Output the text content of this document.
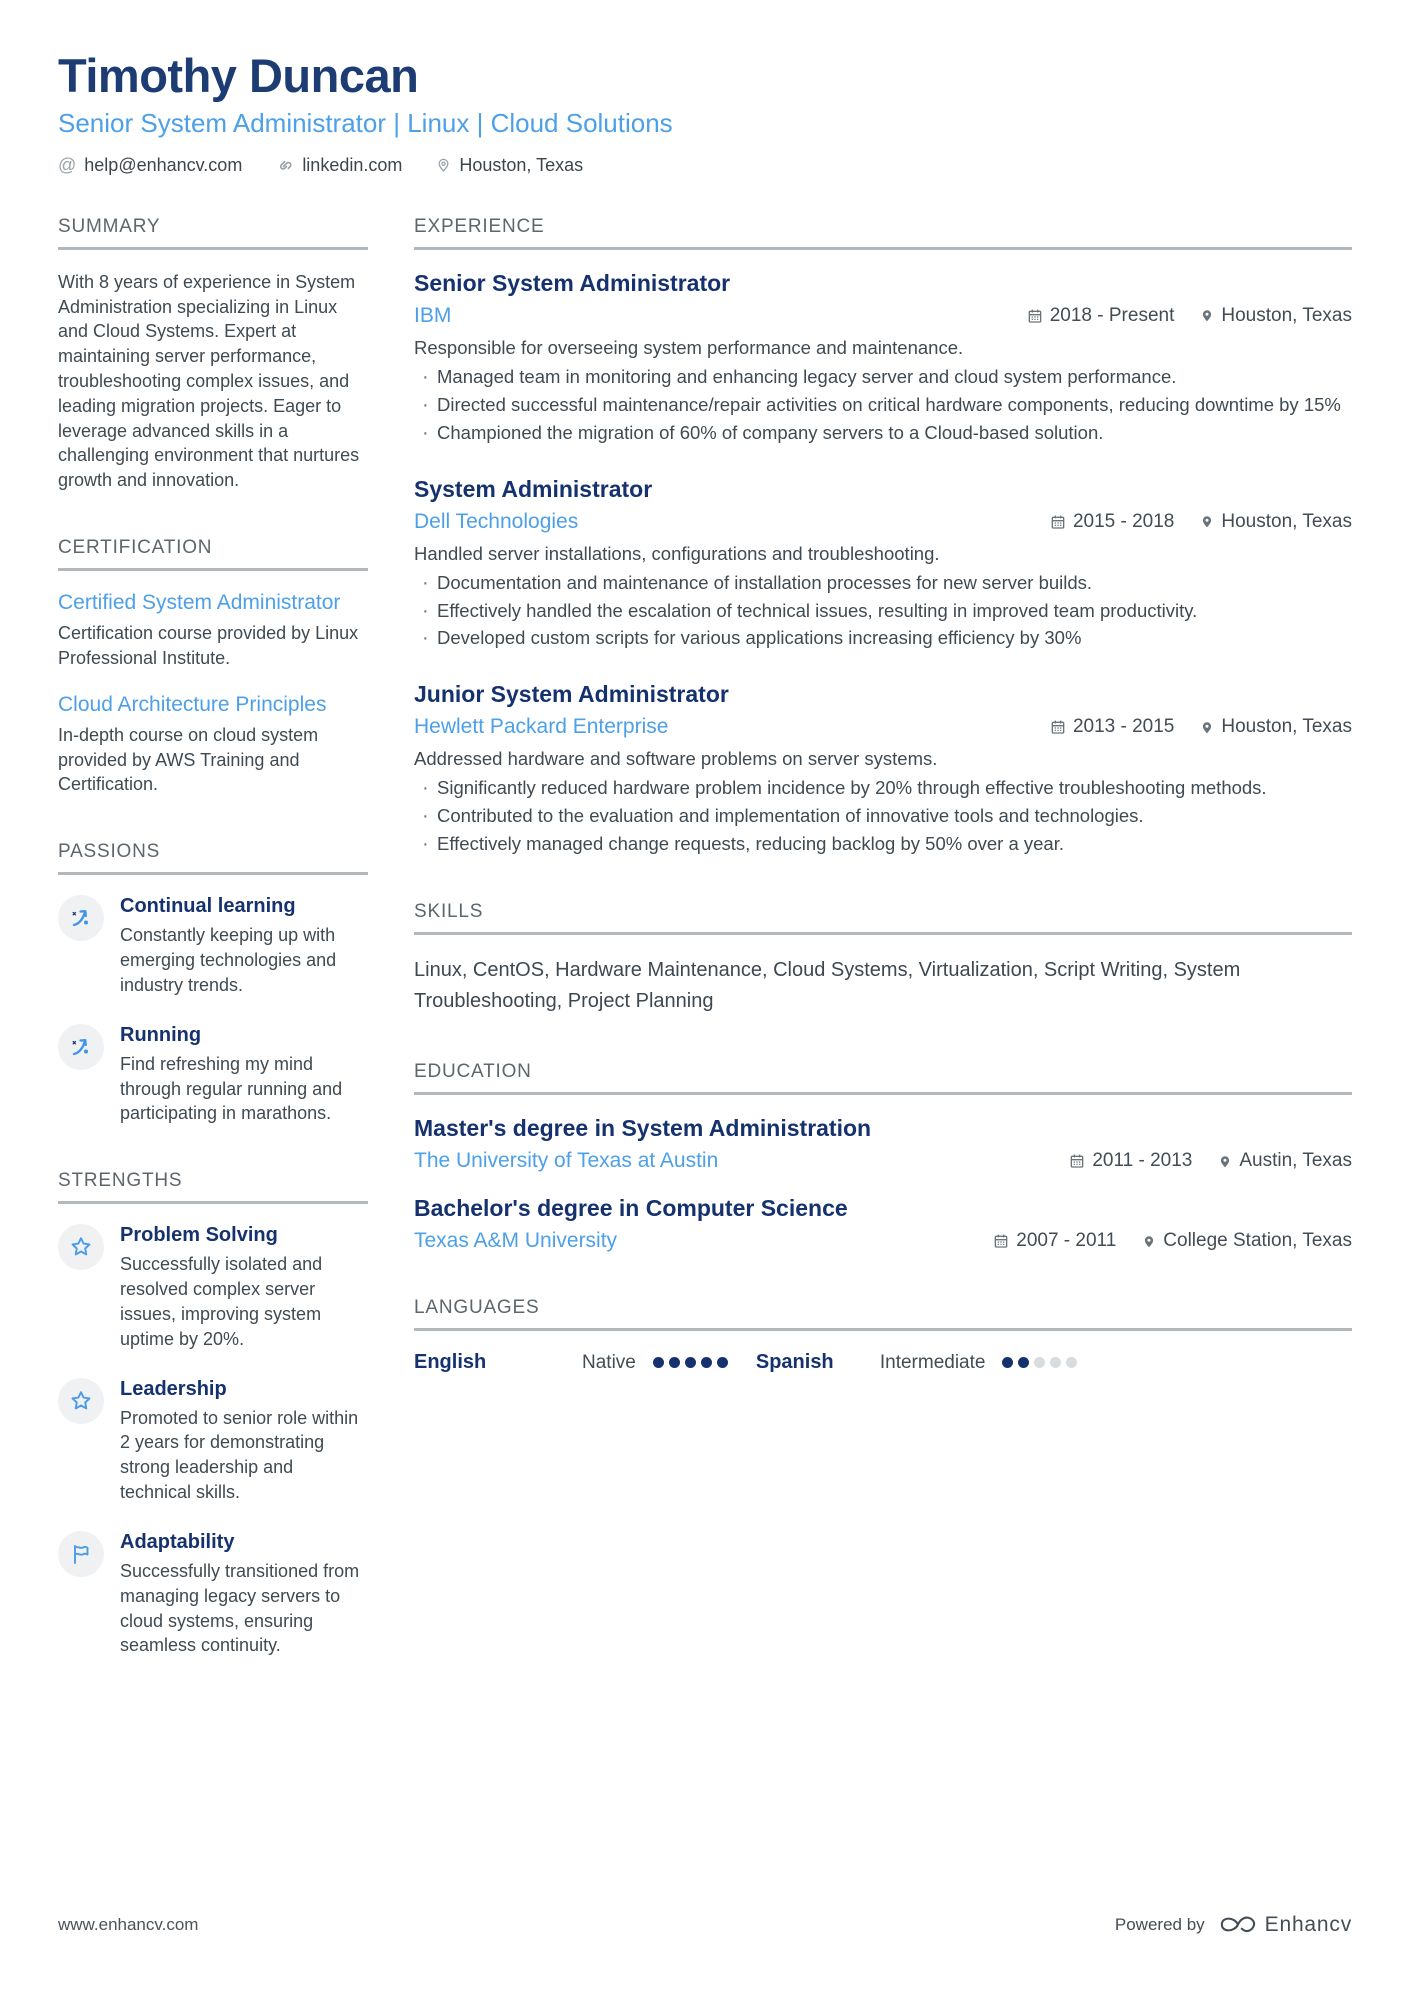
Timothy Duncan
Senior System Administrator | Linux | Cloud Solutions
@ help@enhancv.com	linkedin.com	Houston, Texas
SUMMARY

With 8 years of experience in System Administration specializing in Linux and Cloud Systems. Expert at maintaining server performance, troubleshooting complex issues, and leading migration projects. Eager to leverage advanced skills in a challenging environment that nurtures growth and innovation.

CERTIFICATION
Certified System Administrator

Certification course provided by Linux Professional Institute.

Cloud Architecture Principles

In-depth course on cloud system provided by AWS Training and Certification.

PASSIONS
Continual learning

Constantly keeping up with emerging technologies and industry trends.

Running

Find refreshing my mind through regular running and participating in marathons.

STRENGTHS
Problem Solving

Successfully isolated and resolved complex server issues, improving system uptime by 20%.

Leadership

Promoted to senior role within 2 years for demonstrating strong leadership and technical skills.

Adaptability

Successfully transitioned from managing legacy servers to cloud systems, ensuring seamless continuity.

EXPERIENCE
Senior System Administrator
IBM	2018 - Present Houston, Texas

Responsible for overseeing system performance and maintenance.

· Managed team in monitoring and enhancing legacy server and cloud system performance.
· Directed successful maintenance/repair activities on critical hardware components, reducing downtime by 15%
· Championed the migration of 60% of company servers to a Cloud-based solution.
System Administrator
Dell Technologies	2015 - 2018 Houston, Texas

Handled server installations, configurations and troubleshooting.

· Documentation and maintenance of installation processes for new server builds.
· Effectively handled the escalation of technical issues, resulting in improved team productivity.
· Developed custom scripts for various applications increasing efficiency by 30%
Junior System Administrator
Hewlett Packard Enterprise	2013 - 2015 Houston, Texas

Addressed hardware and software problems on server systems.

· Significantly reduced hardware problem incidence by 20% through effective troubleshooting methods.
· Contributed to the evaluation and implementation of innovative tools and technologies.
· Effectively managed change requests, reducing backlog by 50% over a year.
SKILLS

Linux, CentOS, Hardware Maintenance, Cloud Systems, Virtualization, Script Writing, System Troubleshooting, Project Planning

EDUCATION
Master's degree in System Administration
The University of Texas at Austin	2011 - 2013 Austin, Texas
Bachelor's degree in Computer Science
Texas A&M University	2007 - 2011 College Station, Texas
LANGUAGES
English	Native	Spanish	Intermediate
www.enhancv.com	Powered by	Enhancv
